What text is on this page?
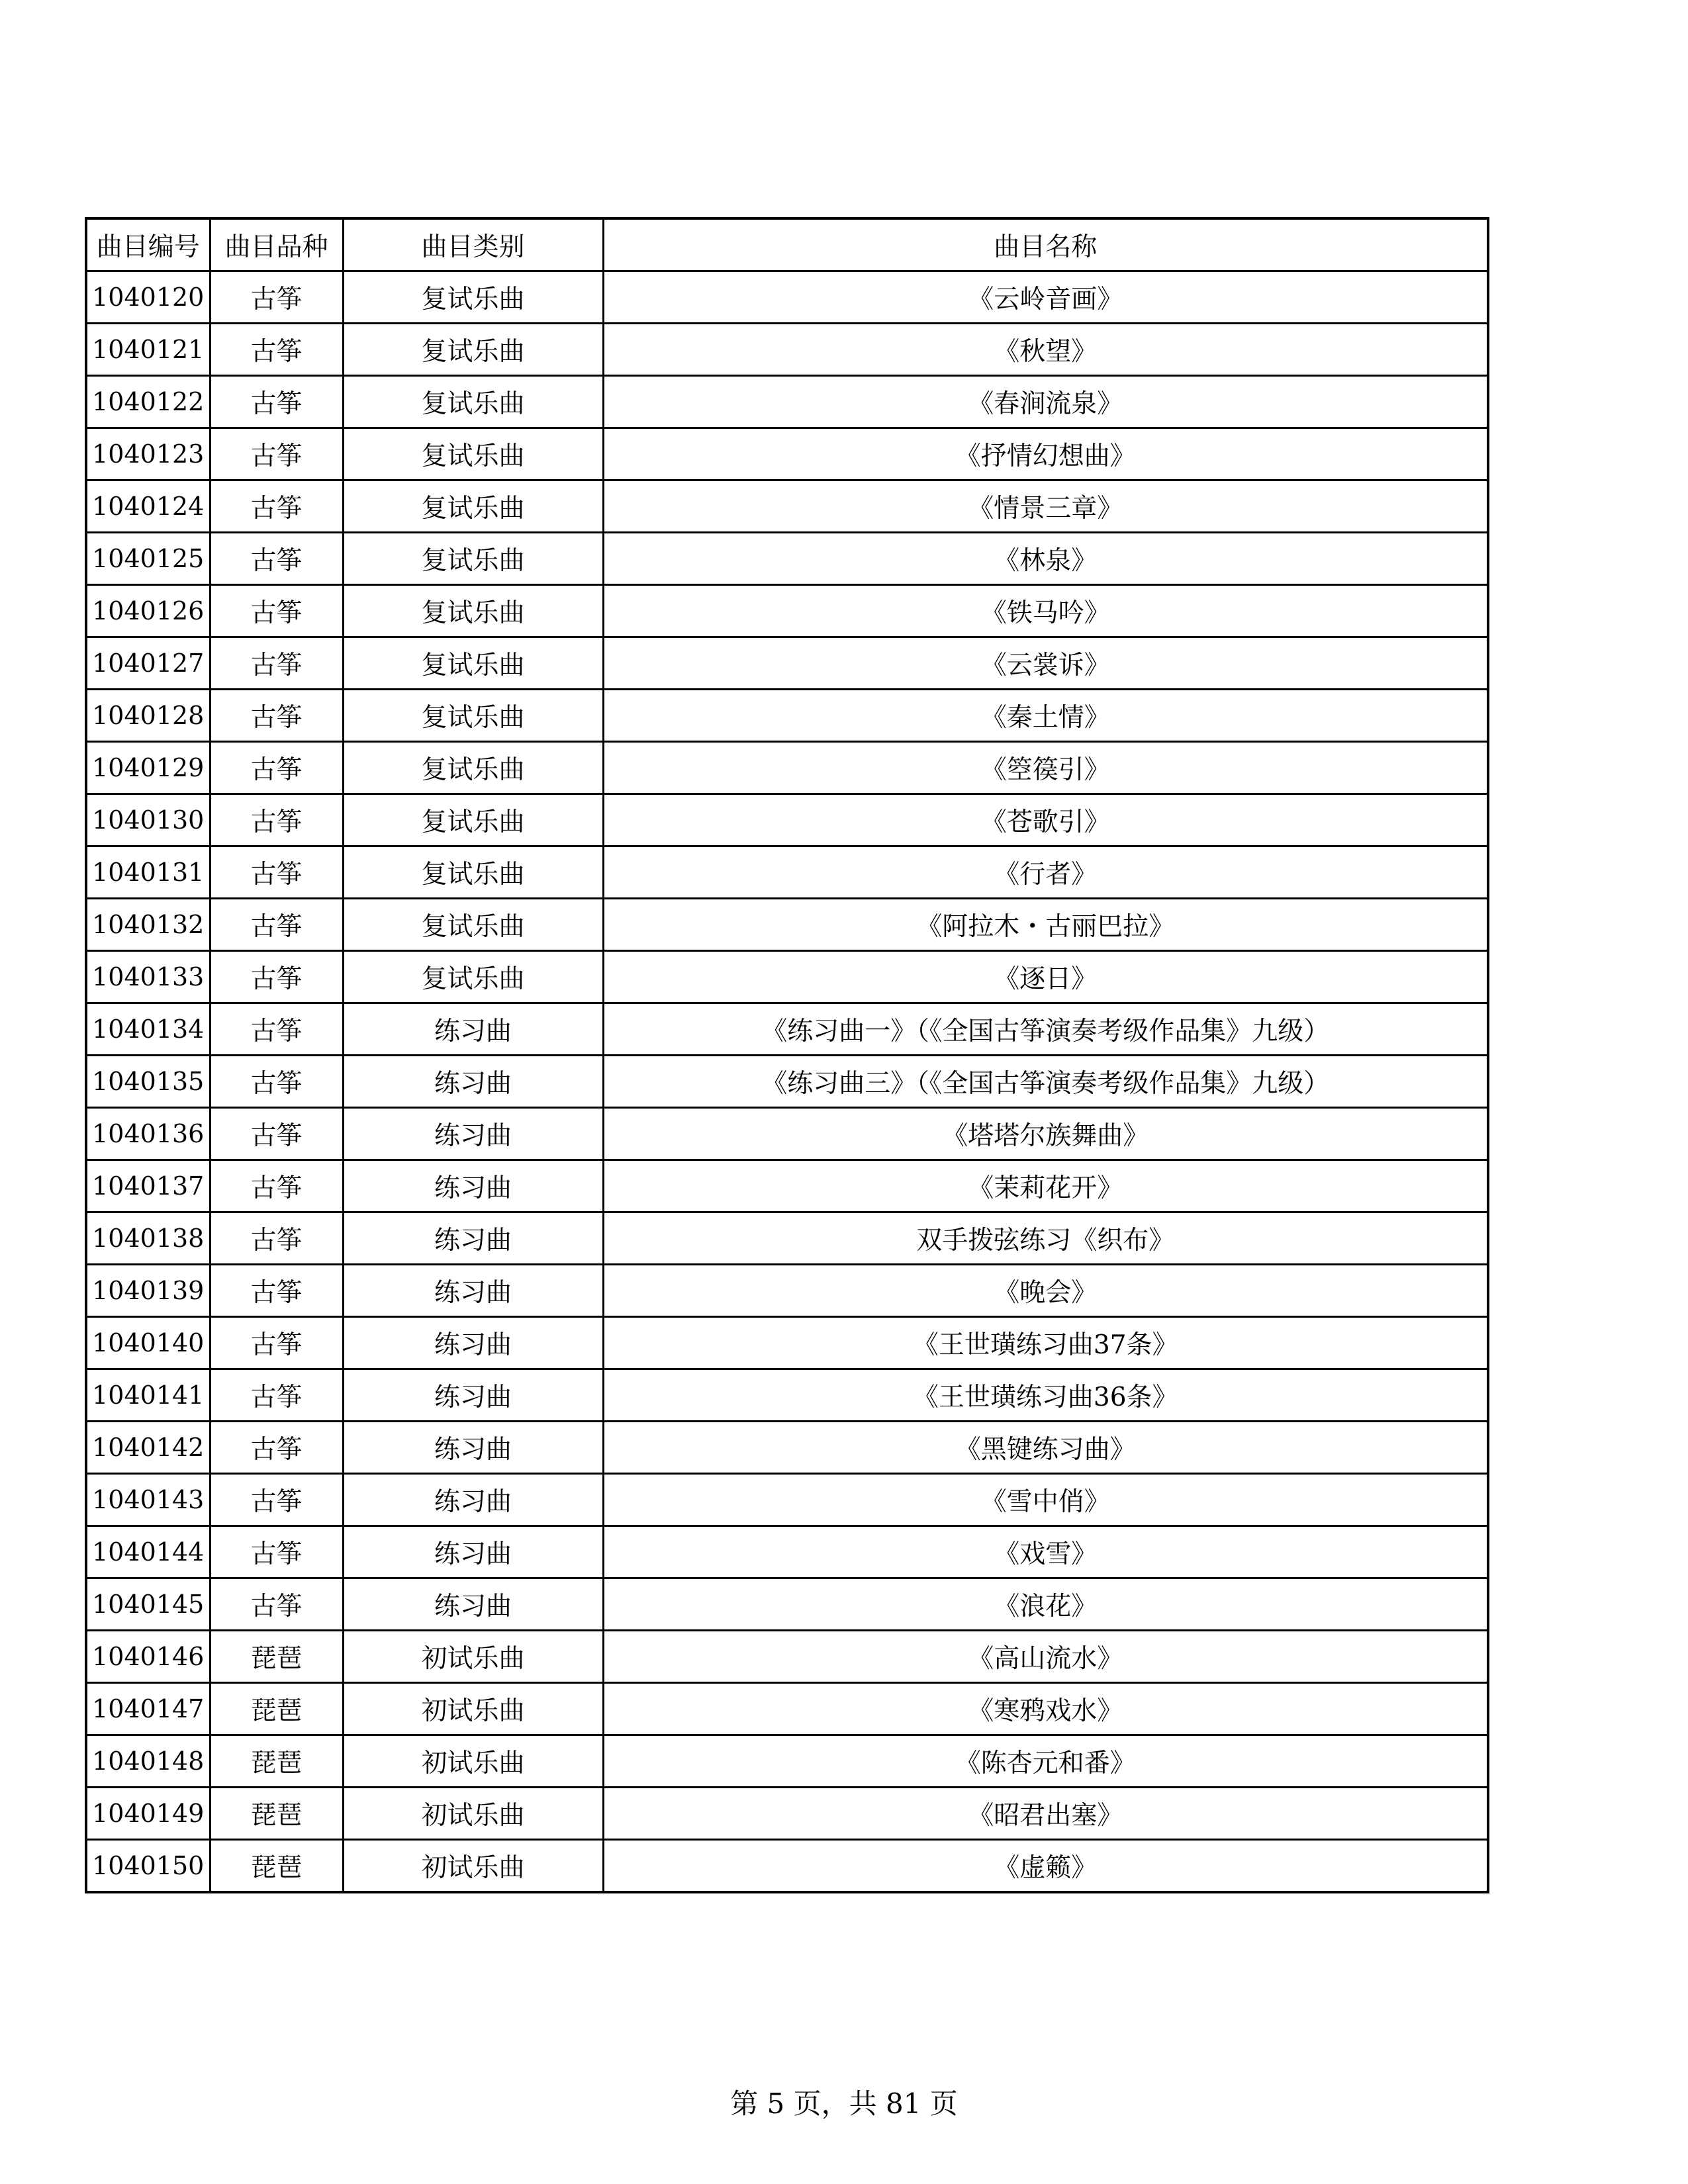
曲目编号	曲目品种	曲目类别	曲目名称
1040120	古筝	复试乐曲	《云岭音画》
1040121	古筝	复试乐曲	《秋望》
1040122	古筝	复试乐曲	《春涧流泉》
1040123	古筝	复试乐曲	《抒情幻想曲》
1040124	古筝	复试乐曲	《情景三章》
1040125	古筝	复试乐曲	《林泉》
1040126	古筝	复试乐曲	《铁马吟》
1040127	古筝	复试乐曲	《云裳诉》
1040128	古筝	复试乐曲	《秦土情》
1040129	古筝	复试乐曲	《箜篌引》
1040130	古筝	复试乐曲	《苍歌引》
1040131	古筝	复试乐曲	《行者》
1040132	古筝	复试乐曲	《阿拉木・古丽巴拉》
1040133	古筝	复试乐曲	《逐日》
1040134	古筝	练习曲	《练习曲一》（《全国古筝演奏考级作品集》九级）
1040135	古筝	练习曲	《练习曲三》（《全国古筝演奏考级作品集》九级）
1040136	古筝	练习曲	《塔塔尔族舞曲》
1040137	古筝	练习曲	《茉莉花开》
1040138	古筝	练习曲	双手拨弦练习《织布》
1040139	古筝	练习曲	《晚会》
1040140	古筝	练习曲	《王世璜练习曲37条》
1040141	古筝	练习曲	《王世璜练习曲36条》
1040142	古筝	练习曲	《黑键练习曲》
1040143	古筝	练习曲	《雪中俏》
1040144	古筝	练习曲	《戏雪》
1040145	古筝	练习曲	《浪花》
1040146	琵琶	初试乐曲	《高山流水》
1040147	琵琶	初试乐曲	《寒鸦戏水》
1040148	琵琶	初试乐曲	《陈杏元和番》
1040149	琵琶	初试乐曲	《昭君出塞》
1040150	琵琶	初试乐曲	《虚籁》
第 5 页，共 81 页
